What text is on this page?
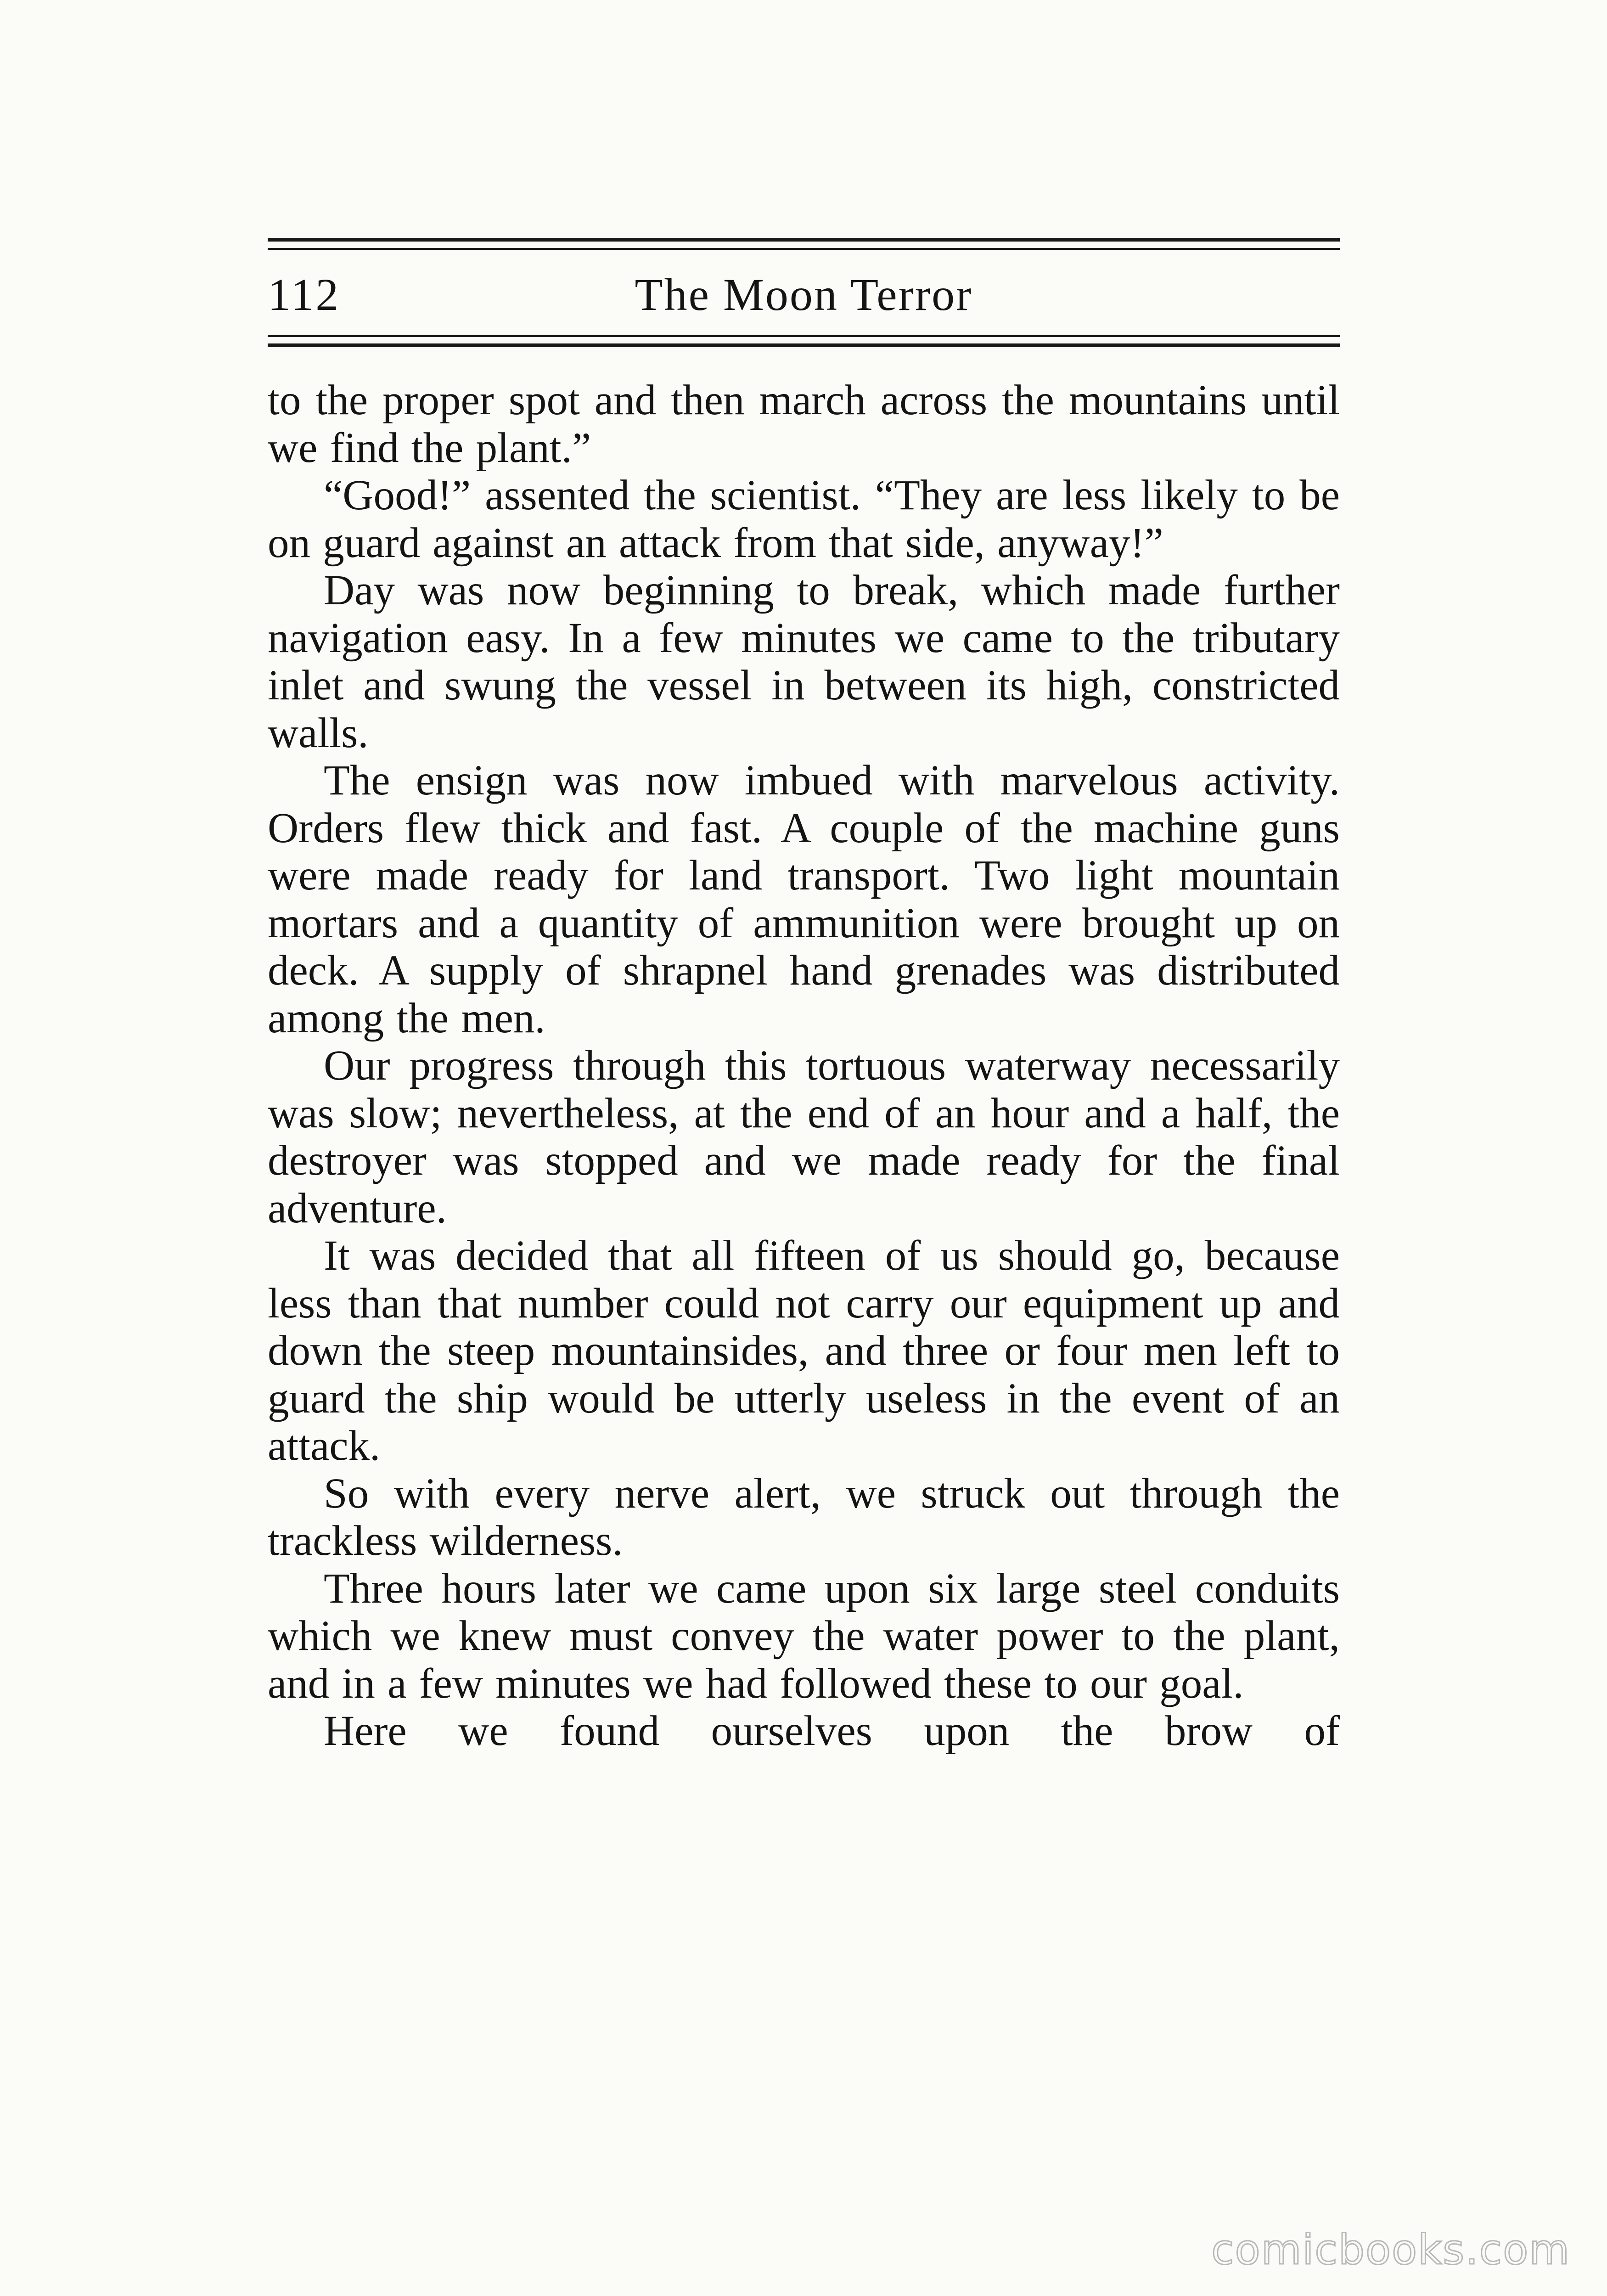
112	The Moon Terror

to the proper spot and then march across the mountains until we find the plant.”

“Good!” assented the scientist. “They are less likely to be on guard against an attack from that side, anyway!”

Day was now beginning to break, which made further navigation easy. In a few minutes we came to the tributary inlet and swung the vessel in between its high, constricted walls.

The ensign was now imbued with marvelous activity. Orders flew thick and fast. A couple of the machine guns were made ready for land transport. Two light mountain mortars and a quantity of ammunition were brought up on deck. A supply of shrapnel hand grenades was distributed among the men.

Our progress through this tortuous waterway necessarily was slow; nevertheless, at the end of an hour and a half, the destroyer was stopped and we made ready for the final adventure.

It was decided that all fifteen of us should go, because less than that number could not carry our equipment up and down the steep mountainsides, and three or four men left to guard the ship would be utterly useless in the event of an attack.

So with every nerve alert, we struck out through the trackless wilderness.

Three hours later we came upon six large steel conduits which we knew must convey the water power to the plant, and in a few minutes we had followed these to our goal.

Here we found ourselves upon the brow of

comicbooks.com
